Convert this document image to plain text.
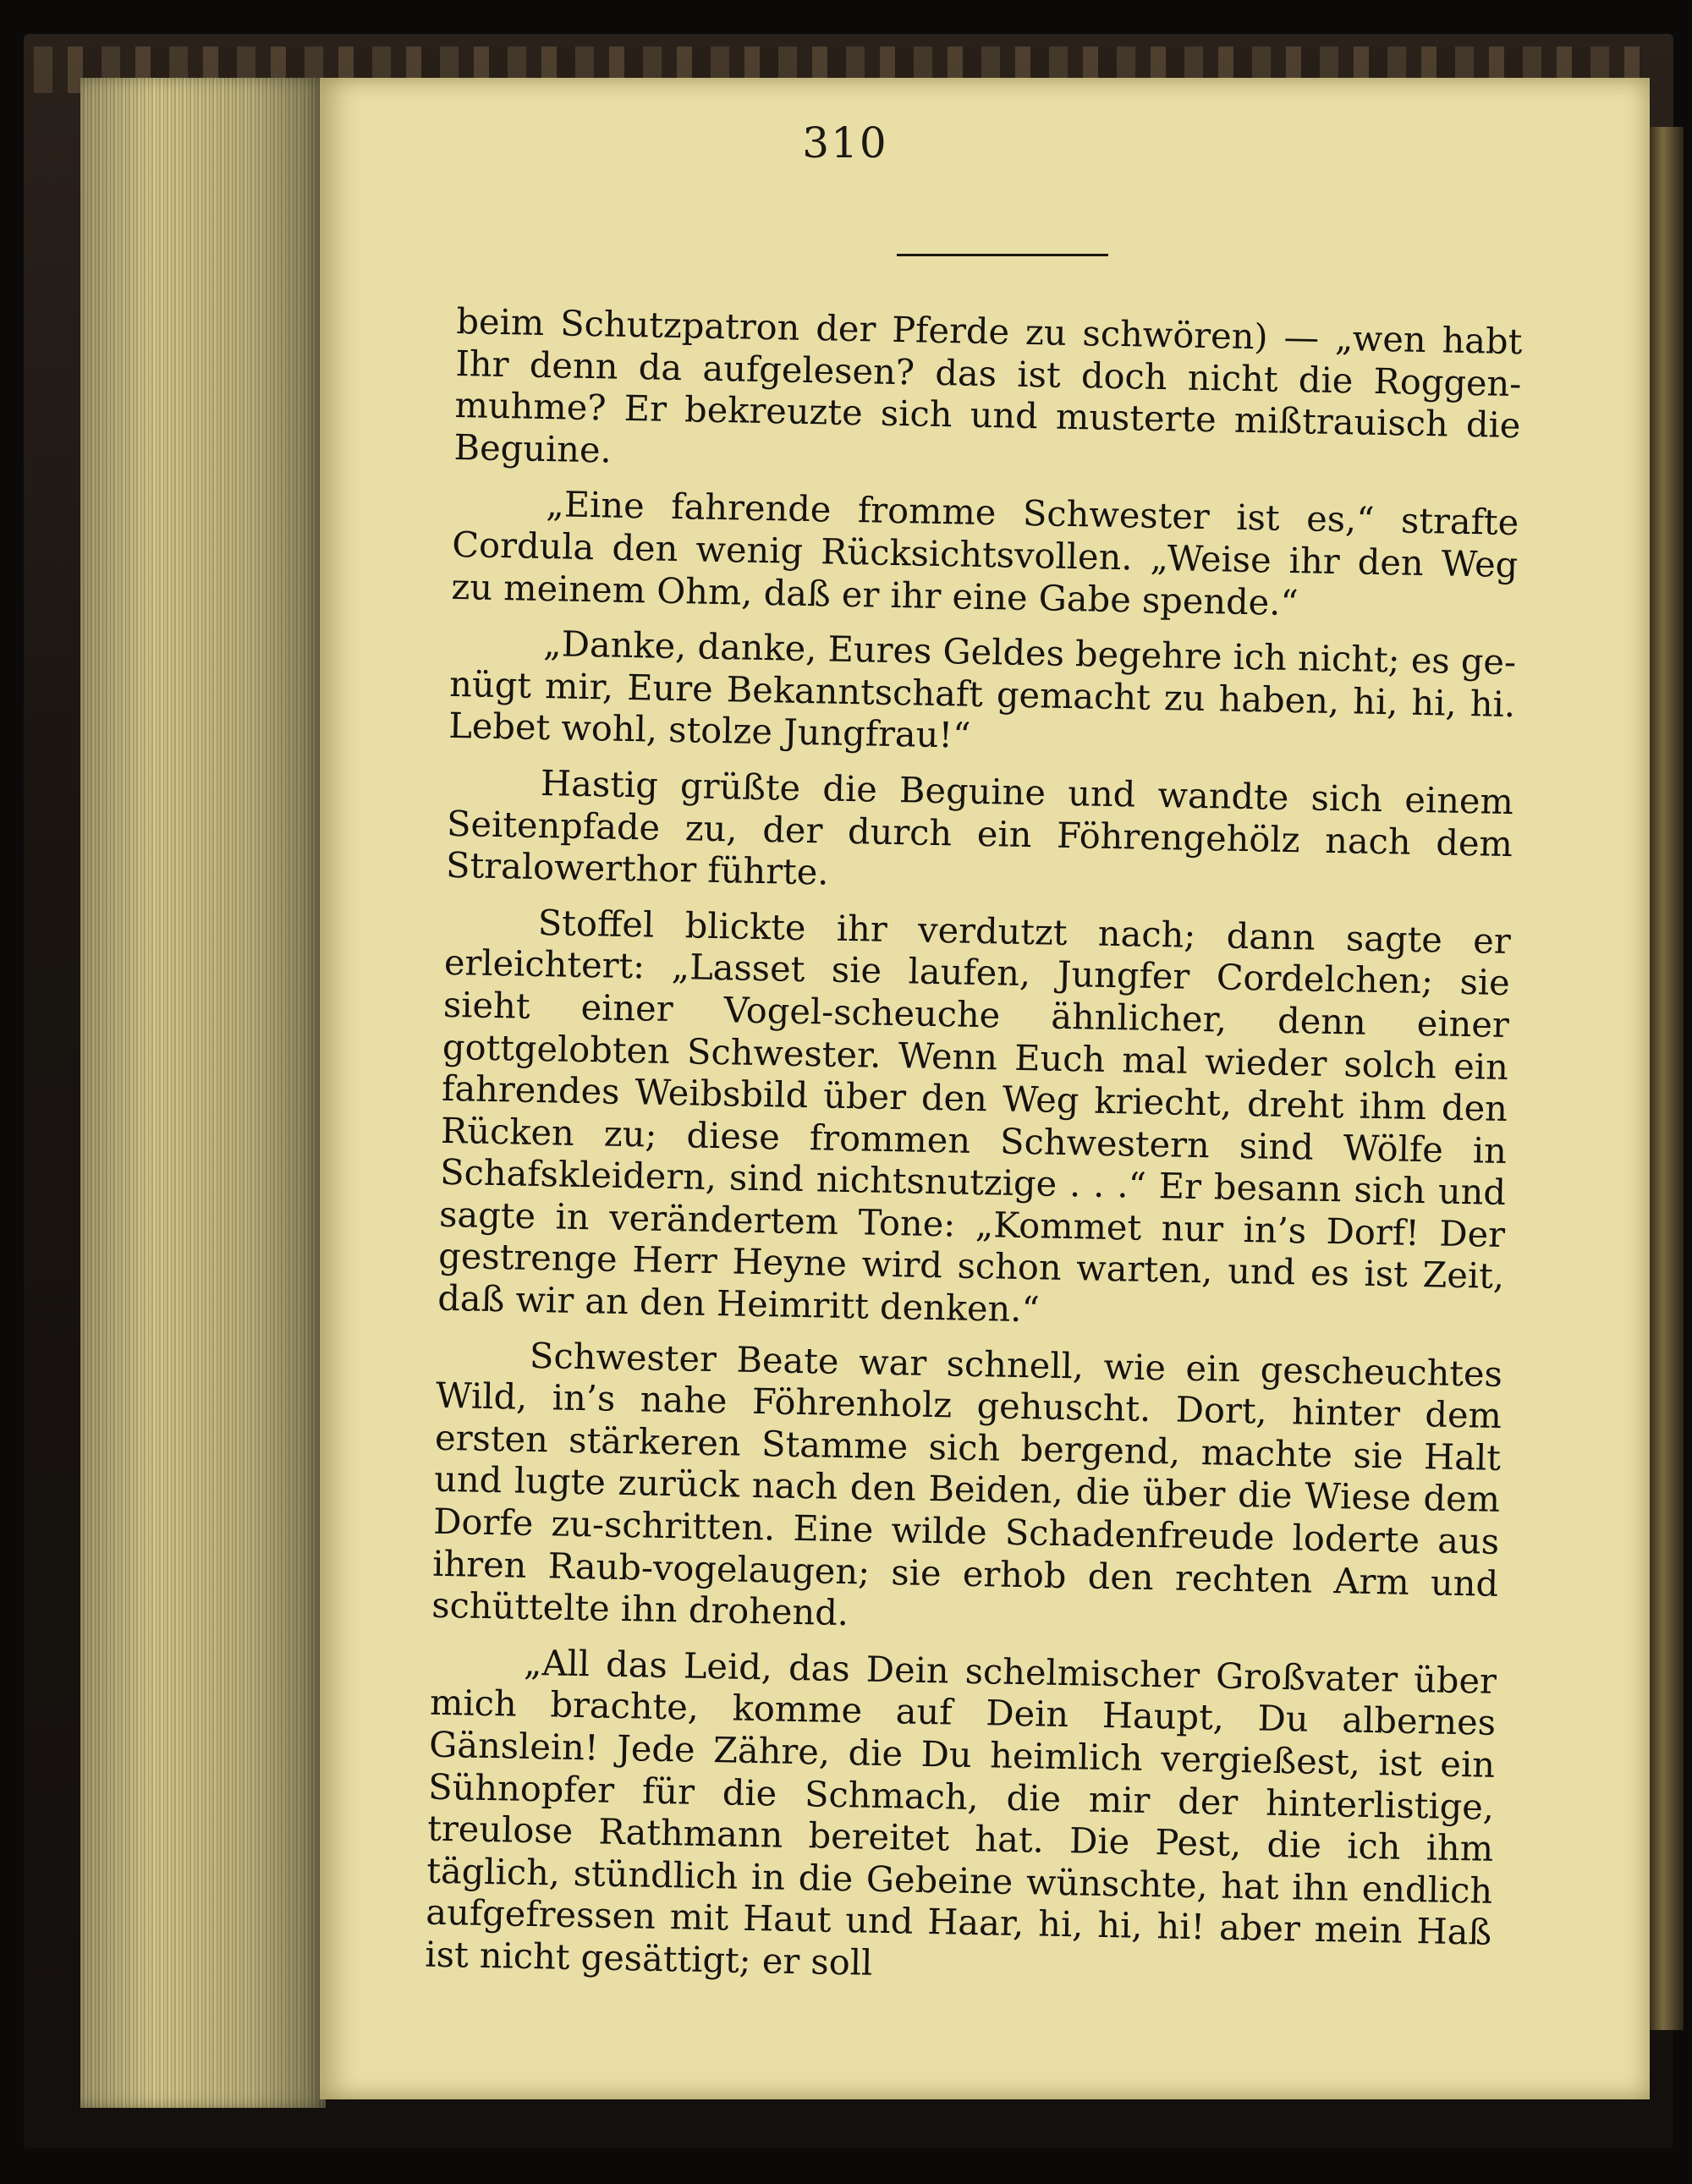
310

beim Schutzpatron der Pferde zu schwören) — „wen habt Ihr denn da aufgelesen? das ist doch nicht die Roggen-muhme? Er bekreuzte sich und musterte mißtrauisch die Beguine.

„Eine fahrende fromme Schwester ist es,“ strafte Cordula den wenig Rücksichtsvollen. „Weise ihr den Weg zu meinem Ohm, daß er ihr eine Gabe spende.“

„Danke, danke, Eures Geldes begehre ich nicht; es ge-nügt mir, Eure Bekanntschaft gemacht zu haben, hi, hi, hi. Lebet wohl, stolze Jungfrau!“

Hastig grüßte die Beguine und wandte sich einem Seitenpfade zu, der durch ein Föhrengehölz nach dem Stralowerthor führte.

Stoffel blickte ihr verdutzt nach; dann sagte er erleichtert: „Lasset sie laufen, Jungfer Cordelchen; sie sieht einer Vogel-scheuche ähnlicher, denn einer gottgelobten Schwester. Wenn Euch mal wieder solch ein fahrendes Weibsbild über den Weg kriecht, dreht ihm den Rücken zu; diese frommen Schwestern sind Wölfe in Schafskleidern, sind nichtsnutzige . . .“ Er besann sich und sagte in verändertem Tone: „Kommet nur in’s Dorf! Der gestrenge Herr Heyne wird schon warten, und es ist Zeit, daß wir an den Heimritt denken.“

Schwester Beate war schnell, wie ein gescheuchtes Wild, in’s nahe Föhrenholz gehuscht. Dort, hinter dem ersten stärkeren Stamme sich bergend, machte sie Halt und lugte zurück nach den Beiden, die über die Wiese dem Dorfe zu-schritten. Eine wilde Schadenfreude loderte aus ihren Raub-vogelaugen; sie erhob den rechten Arm und schüttelte ihn drohend.

„All das Leid, das Dein schelmischer Großvater über mich brachte, komme auf Dein Haupt, Du albernes Gänslein! Jede Zähre, die Du heimlich vergießest, ist ein Sühnopfer für die Schmach, die mir der hinterlistige, treulose Rathmann bereitet hat. Die Pest, die ich ihm täglich, stündlich in die Gebeine wünschte, hat ihn endlich aufgefressen mit Haut und Haar, hi, hi, hi! aber mein Haß ist nicht gesättigt; er soll
